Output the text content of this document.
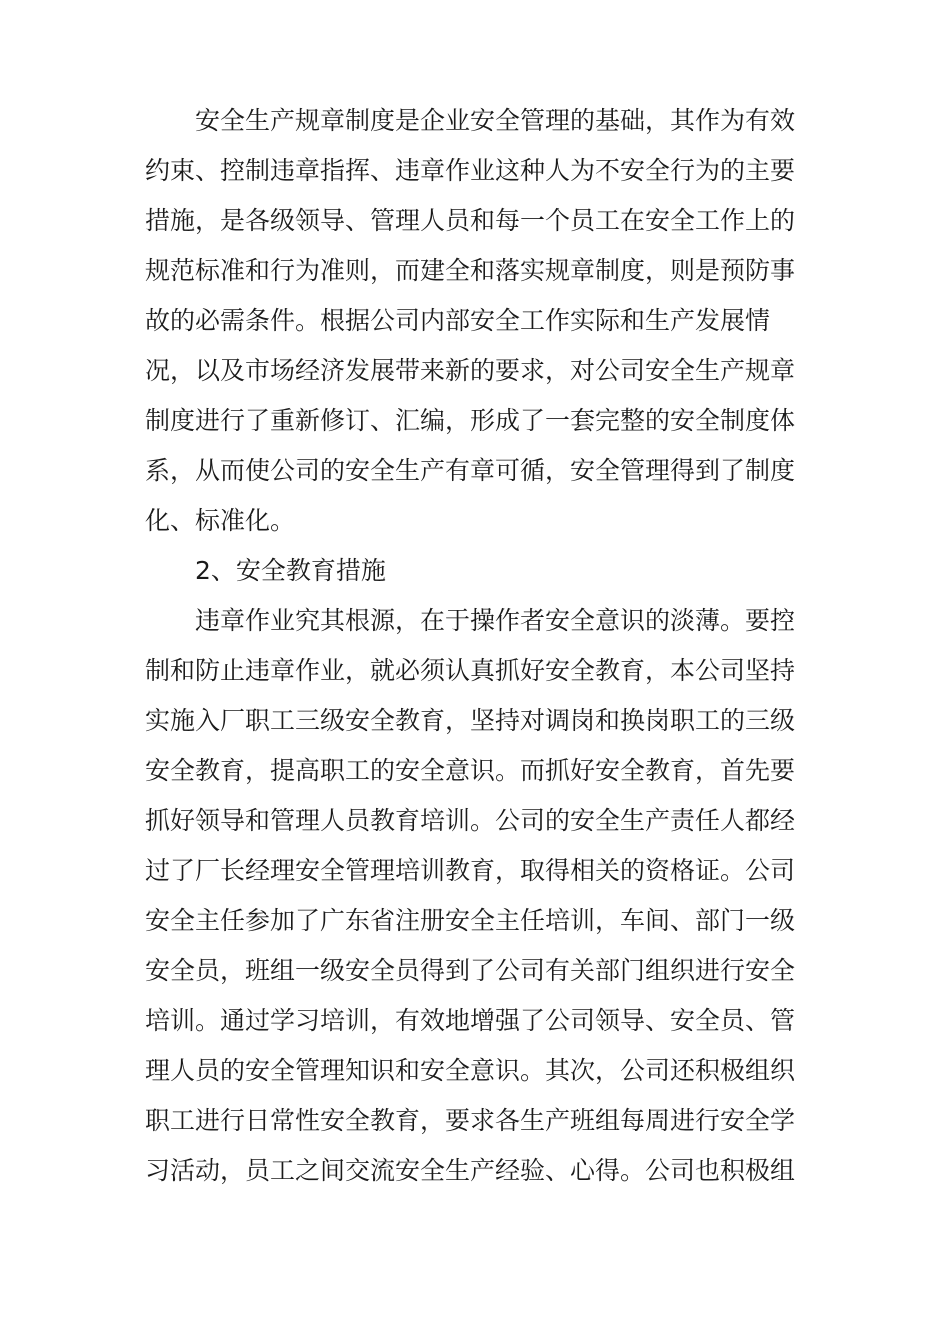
安全生产规章制度是企业安全管理的基础，其作为有效
约束、控制违章指挥、违章作业这种人为不安全行为的主要
措施，是各级领导、管理人员和每一个员工在安全工作上的
规范标准和行为准则，而建全和落实规章制度，则是预防事
故的必需条件。根据公司内部安全工作实际和生产发展情
况，以及市场经济发展带来新的要求，对公司安全生产规章
制度进行了重新修订、汇编，形成了一套完整的安全制度体
系，从而使公司的安全生产有章可循，安全管理得到了制度
化、标准化。
2、安全教育措施
违章作业究其根源，在于操作者安全意识的淡薄。要控
制和防止违章作业，就必须认真抓好安全教育，本公司坚持
实施入厂职工三级安全教育，坚持对调岗和换岗职工的三级
安全教育，提高职工的安全意识。而抓好安全教育，首先要
抓好领导和管理人员教育培训。公司的安全生产责任人都经
过了厂长经理安全管理培训教育，取得相关的资格证。公司
安全主任参加了广东省注册安全主任培训，车间、部门一级
安全员，班组一级安全员得到了公司有关部门组织进行安全
培训。通过学习培训，有效地增强了公司领导、安全员、管
理人员的安全管理知识和安全意识。其次，公司还积极组织
职工进行日常性安全教育，要求各生产班组每周进行安全学
习活动，员工之间交流安全生产经验、心得。公司也积极组
